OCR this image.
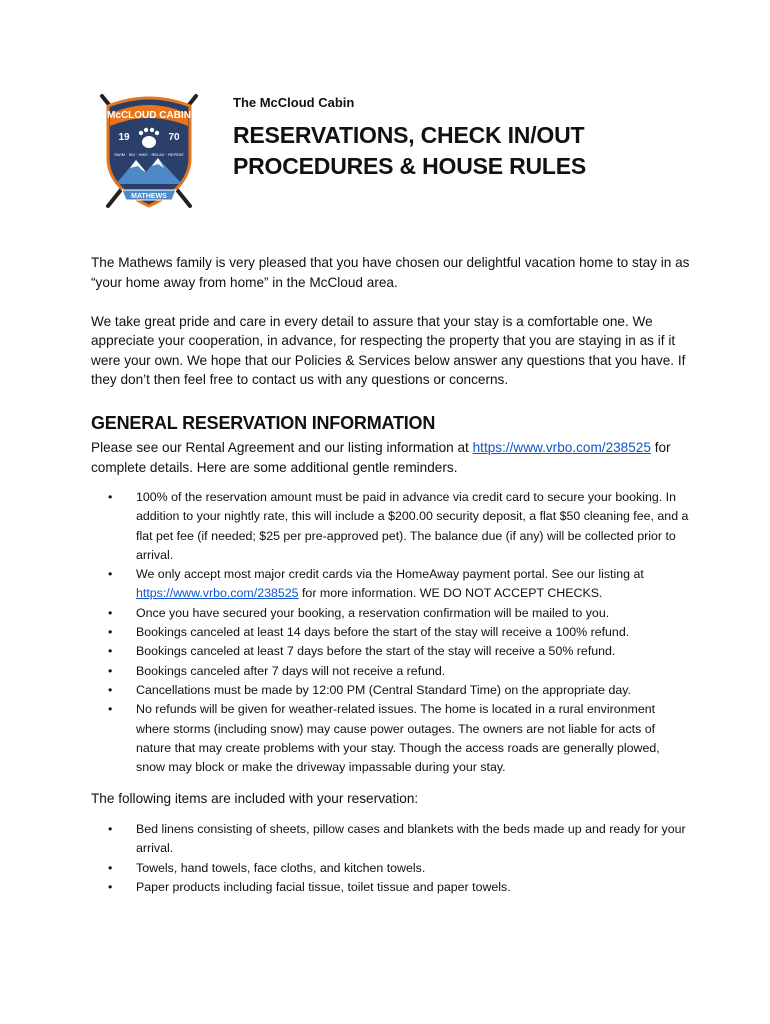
McCLOUD CABIN
19	70
SWIM · SKI · HIKE · RELAX · REPEAT
MATHEWS
The McCloud Cabin
RESERVATIONS, CHECK IN/OUT
PROCEDURES & HOUSE RULES

The Mathews family is very pleased that you have chosen our delightful vacation home to stay in as “your home away from home” in the McCloud area.

We take great pride and care in every detail to assure that your stay is a comfortable one. We appreciate your cooperation, in advance, for respecting the property that you are staying in as if it were your own. We hope that our Policies & Services below answer any questions that you have. If they don’t then feel free to contact us with any questions or concerns.

GENERAL RESERVATION INFORMATION

Please see our Rental Agreement and our listing information at https://www.vrbo.com/238525 for complete details. Here are some additional gentle reminders.

• 100% of the reservation amount must be paid in advance via credit card to secure your booking. In addition to your nightly rate, this will include a $200.00 security deposit, a flat $50 cleaning fee, and a flat pet fee (if needed; $25 per pre-approved pet). The balance due (if any) will be collected prior to arrival.
• We only accept most major credit cards via the HomeAway payment portal. See our listing at https://www.vrbo.com/238525 for more information. WE DO NOT ACCEPT CHECKS.
• Once you have secured your booking, a reservation confirmation will be mailed to you.
• Bookings canceled at least 14 days before the start of the stay will receive a 100% refund.
• Bookings canceled at least 7 days before the start of the stay will receive a 50% refund.
• Bookings canceled after 7 days will not receive a refund.
• Cancellations must be made by 12:00 PM (Central Standard Time) on the appropriate day.
• No refunds will be given for weather-related issues. The home is located in a rural environment where storms (including snow) may cause power outages. The owners are not liable for acts of nature that may create problems with your stay. Though the access roads are generally plowed, snow may block or make the driveway impassable during your stay.

The following items are included with your reservation:

• Bed linens consisting of sheets, pillow cases and blankets with the beds made up and ready for your arrival.
• Towels, hand towels, face cloths, and kitchen towels.
• Paper products including facial tissue, toilet tissue and paper towels.
